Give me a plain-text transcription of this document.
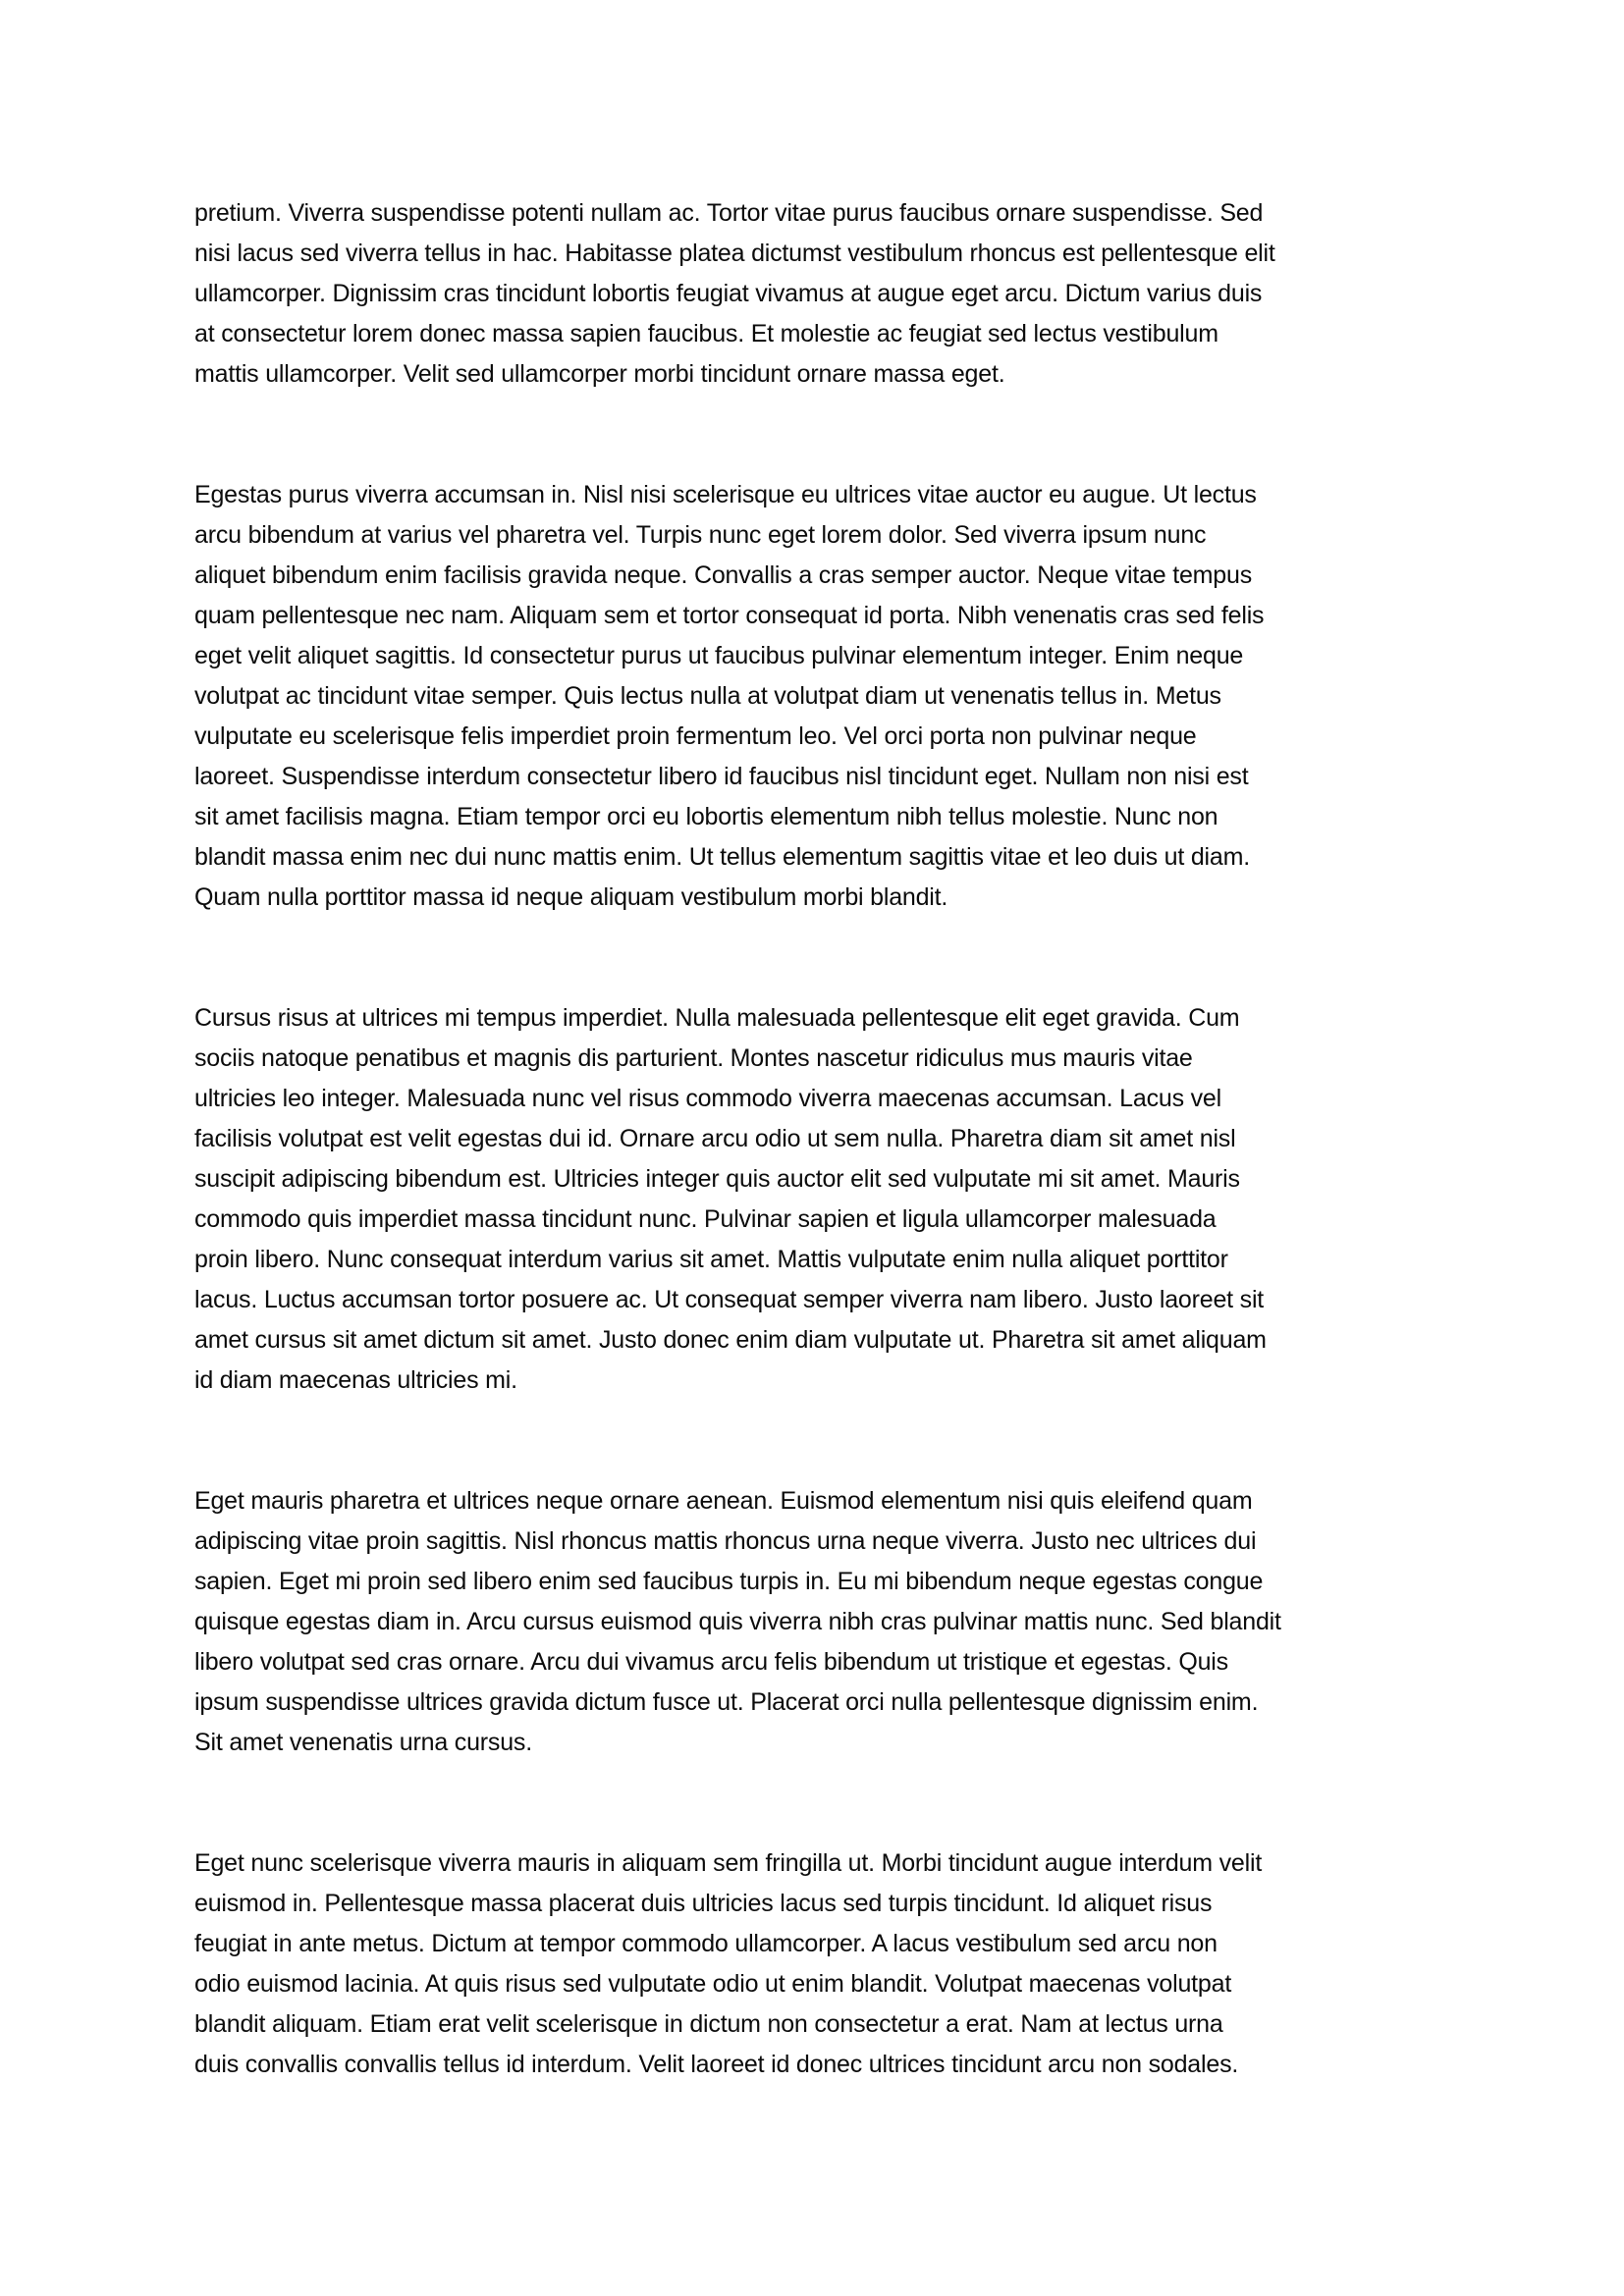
pretium. Viverra suspendisse potenti nullam ac. Tortor vitae purus faucibus ornare suspendisse. Sed
nisi lacus sed viverra tellus in hac. Habitasse platea dictumst vestibulum rhoncus est pellentesque elit
ullamcorper. Dignissim cras tincidunt lobortis feugiat vivamus at augue eget arcu. Dictum varius duis
at consectetur lorem donec massa sapien faucibus. Et molestie ac feugiat sed lectus vestibulum
mattis ullamcorper. Velit sed ullamcorper morbi tincidunt ornare massa eget.

Egestas purus viverra accumsan in. Nisl nisi scelerisque eu ultrices vitae auctor eu augue. Ut lectus
arcu bibendum at varius vel pharetra vel. Turpis nunc eget lorem dolor. Sed viverra ipsum nunc
aliquet bibendum enim facilisis gravida neque. Convallis a cras semper auctor. Neque vitae tempus
quam pellentesque nec nam. Aliquam sem et tortor consequat id porta. Nibh venenatis cras sed felis
eget velit aliquet sagittis. Id consectetur purus ut faucibus pulvinar elementum integer. Enim neque
volutpat ac tincidunt vitae semper. Quis lectus nulla at volutpat diam ut venenatis tellus in. Metus
vulputate eu scelerisque felis imperdiet proin fermentum leo. Vel orci porta non pulvinar neque
laoreet. Suspendisse interdum consectetur libero id faucibus nisl tincidunt eget. Nullam non nisi est
sit amet facilisis magna. Etiam tempor orci eu lobortis elementum nibh tellus molestie. Nunc non
blandit massa enim nec dui nunc mattis enim. Ut tellus elementum sagittis vitae et leo duis ut diam.
Quam nulla porttitor massa id neque aliquam vestibulum morbi blandit.

Cursus risus at ultrices mi tempus imperdiet. Nulla malesuada pellentesque elit eget gravida. Cum
sociis natoque penatibus et magnis dis parturient. Montes nascetur ridiculus mus mauris vitae
ultricies leo integer. Malesuada nunc vel risus commodo viverra maecenas accumsan. Lacus vel
facilisis volutpat est velit egestas dui id. Ornare arcu odio ut sem nulla. Pharetra diam sit amet nisl
suscipit adipiscing bibendum est. Ultricies integer quis auctor elit sed vulputate mi sit amet. Mauris
commodo quis imperdiet massa tincidunt nunc. Pulvinar sapien et ligula ullamcorper malesuada
proin libero. Nunc consequat interdum varius sit amet. Mattis vulputate enim nulla aliquet porttitor
lacus. Luctus accumsan tortor posuere ac. Ut consequat semper viverra nam libero. Justo laoreet sit
amet cursus sit amet dictum sit amet. Justo donec enim diam vulputate ut. Pharetra sit amet aliquam
id diam maecenas ultricies mi.

Eget mauris pharetra et ultrices neque ornare aenean. Euismod elementum nisi quis eleifend quam
adipiscing vitae proin sagittis. Nisl rhoncus mattis rhoncus urna neque viverra. Justo nec ultrices dui
sapien. Eget mi proin sed libero enim sed faucibus turpis in. Eu mi bibendum neque egestas congue
quisque egestas diam in. Arcu cursus euismod quis viverra nibh cras pulvinar mattis nunc. Sed blandit
libero volutpat sed cras ornare. Arcu dui vivamus arcu felis bibendum ut tristique et egestas. Quis
ipsum suspendisse ultrices gravida dictum fusce ut. Placerat orci nulla pellentesque dignissim enim.
Sit amet venenatis urna cursus.

Eget nunc scelerisque viverra mauris in aliquam sem fringilla ut. Morbi tincidunt augue interdum velit
euismod in. Pellentesque massa placerat duis ultricies lacus sed turpis tincidunt. Id aliquet risus
feugiat in ante metus. Dictum at tempor commodo ullamcorper. A lacus vestibulum sed arcu non
odio euismod lacinia. At quis risus sed vulputate odio ut enim blandit. Volutpat maecenas volutpat
blandit aliquam. Etiam erat velit scelerisque in dictum non consectetur a erat. Nam at lectus urna
duis convallis convallis tellus id interdum. Velit laoreet id donec ultrices tincidunt arcu non sodales.
